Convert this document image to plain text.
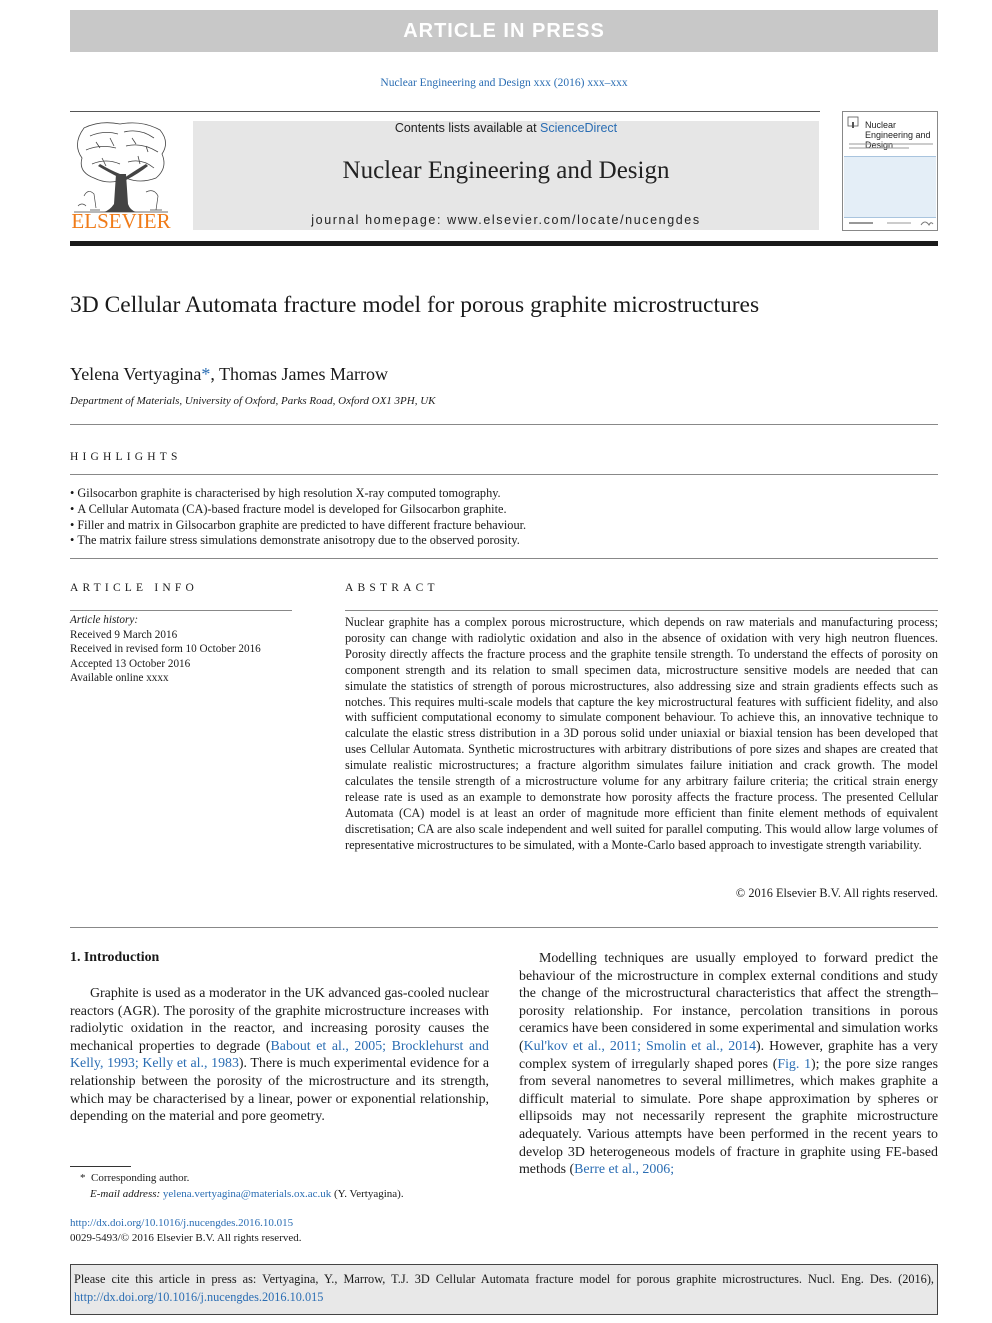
ARTICLE IN PRESS
Nuclear Engineering and Design xxx (2016) xxx–xxx
ELSEVIER
Contents lists available at ScienceDirect
Nuclear Engineering and Design
journal homepage: www.elsevier.com/locate/nucengdes
Nuclear Engineering and Design
3D Cellular Automata fracture model for porous graphite microstructures
Yelena Vertyagina*, Thomas James Marrow
Department of Materials, University of Oxford, Parks Road, Oxford OX1 3PH, UK
HIGHLIGHTS
• Gilsocarbon graphite is characterised by high resolution X-ray computed tomography.
• A Cellular Automata (CA)-based fracture model is developed for Gilsocarbon graphite.
• Filler and matrix in Gilsocarbon graphite are predicted to have different fracture behaviour.
• The matrix failure stress simulations demonstrate anisotropy due to the observed porosity.
ARTICLE INFO
Article history:
Received 9 March 2016
Received in revised form 10 October 2016
Accepted 13 October 2016
Available online xxxx
ABSTRACT
Nuclear graphite has a complex porous microstructure, which depends on raw materials and manufacturing process; porosity can change with radiolytic oxidation and also in the absence of oxidation with very high neutron fluences. Porosity directly affects the fracture process and the graphite tensile strength. To understand the effects of porosity on component strength and its relation to small specimen data, microstructure sensitive models are needed that can simulate the statistics of strength of porous microstructures, also addressing size and strain gradients effects such as notches. This requires multi-scale models that capture the key microstructural features with sufficient fidelity, and also with sufficient computational economy to simulate component behaviour. To achieve this, an innovative technique to calculate the elastic stress distribution in a 3D porous solid under uniaxial or biaxial tension has been developed that uses Cellular Automata. Synthetic microstructures with arbitrary distributions of pore sizes and shapes are created that simulate realistic microstructures; a fracture algorithm simulates failure initiation and crack growth. The model calculates the tensile strength of a microstructure volume for any arbitrary failure criteria; the critical strain energy release rate is used as an example to demonstrate how porosity affects the fracture process. The presented Cellular Automata (CA) model is at least an order of magnitude more efficient than finite element methods of equivalent discretisation; CA are also scale independent and well suited for parallel computing. This would allow large volumes of representative microstructures to be simulated, with a Monte-Carlo based approach to investigate strength variability.
© 2016 Elsevier B.V. All rights reserved.
1. Introduction

Graphite is used as a moderator in the UK advanced gas-cooled nuclear reactors (AGR). The porosity of the graphite microstructure increases with radiolytic oxidation in the reactor, and increasing porosity causes the mechanical properties to degrade (Babout et al., 2005; Brocklehurst and Kelly, 1993; Kelly et al., 1983). There is much experimental evidence for a relationship between the porosity of the microstructure and its strength, which may be characterised by a linear, power or exponential relationship, depending on the material and pore geometry.

Modelling techniques are usually employed to forward predict the behaviour of the microstructure in complex external conditions and study the change of the microstructural characteristics that affect the strength–porosity relationship. For instance, percolation transitions in porous ceramics have been considered in some experimental and simulation works (Kul'kov et al., 2011; Smolin et al., 2014). However, graphite has a very complex system of irregularly shaped pores (Fig. 1); the pore size ranges from several nanometres to several millimetres, which makes graphite a difficult material to simulate. Pore shape approximation by spheres or ellipsoids may not necessarily represent the graphite microstructure adequately. Various attempts have been performed in the recent years to develop 3D heterogeneous models of fracture in graphite using FE-based methods (Berre et al., 2006;

* Corresponding author.
E-mail address: yelena.vertyagina@materials.ox.ac.uk (Y. Vertyagina).
http://dx.doi.org/10.1016/j.nucengdes.2016.10.015
0029-5493/© 2016 Elsevier B.V. All rights reserved.
Please cite this article in press as: Vertyagina, Y., Marrow, T.J. 3D Cellular Automata fracture model for porous graphite microstructures. Nucl. Eng. Des. (2016), http://dx.doi.org/10.1016/j.nucengdes.2016.10.015
